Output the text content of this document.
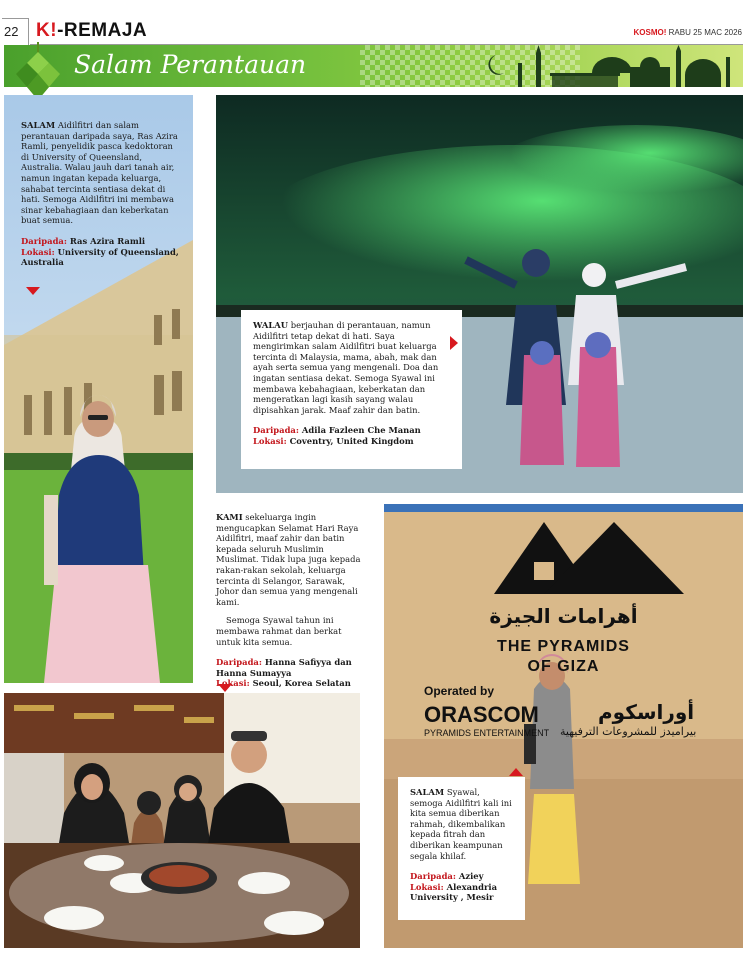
22 K!-REMAJA	KOSMO! RABU 25 MAC 2026
Salam Perantauan
SALAM Aidilfitri dan salam perantauan daripada saya, Ras Azira Ramli, penyelidik pasca kedoktoran di University of Queensland, Australia. Walau jauh dari tanah air, namun ingatan kepada keluarga, sahabat tercinta sentiasa dekat di hati. Semoga Aidilfitri ini membawa sinar kebahagiaan dan keberkatan buat semua.
Daripada: Ras Azira Ramli
Lokasi: University of Queensland, Australia
WALAU berjauhan di perantauan, namun Aidilfitri tetap dekat di hati. Saya mengirimkan salam Aidilfitri buat keluarga tercinta di Malaysia, mama, abah, mak dan ayah serta semua yang mengenali. Doa dan ingatan sentiasa dekat. Semoga Syawal ini membawa kebahagiaan, keberkatan dan mengeratkan lagi kasih sayang walau dipisahkan jarak. Maaf zahir dan batin.
Daripada: Adila Fazleen Che Manan
Lokasi: Coventry, United Kingdom
KAMI sekeluarga ingin mengucapkan Selamat Hari Raya Aidilfitri, maaf zahir dan batin kepada seluruh Muslimin Muslimat. Tidak lupa juga kepada rakan-rakan sekolah, keluarga tercinta di Selangor, Sarawak, Johor dan semua yang mengenali kami.
Semoga Syawal tahun ini membawa rahmat dan berkat untuk kita semua.
Daripada: Hanna Safiyya dan Hanna Sumayya
Lokasi: Seoul, Korea Selatan
أهرامات الجيزة
THE PYRAMIDS
OF GIZA
Operated by
ORASCOM	أوراسكوم
PYRAMIDS ENTERTAINMENT بيراميدز للمشروعات الترفيهية
SALAM Syawal, semoga Aidilfitri kali ini kita semua diberikan rahmah, dikembalikan kepada fitrah dan diberikan keampunan segala khilaf.
Daripada: Aziey
Lokasi: Alexandria University , Mesir
